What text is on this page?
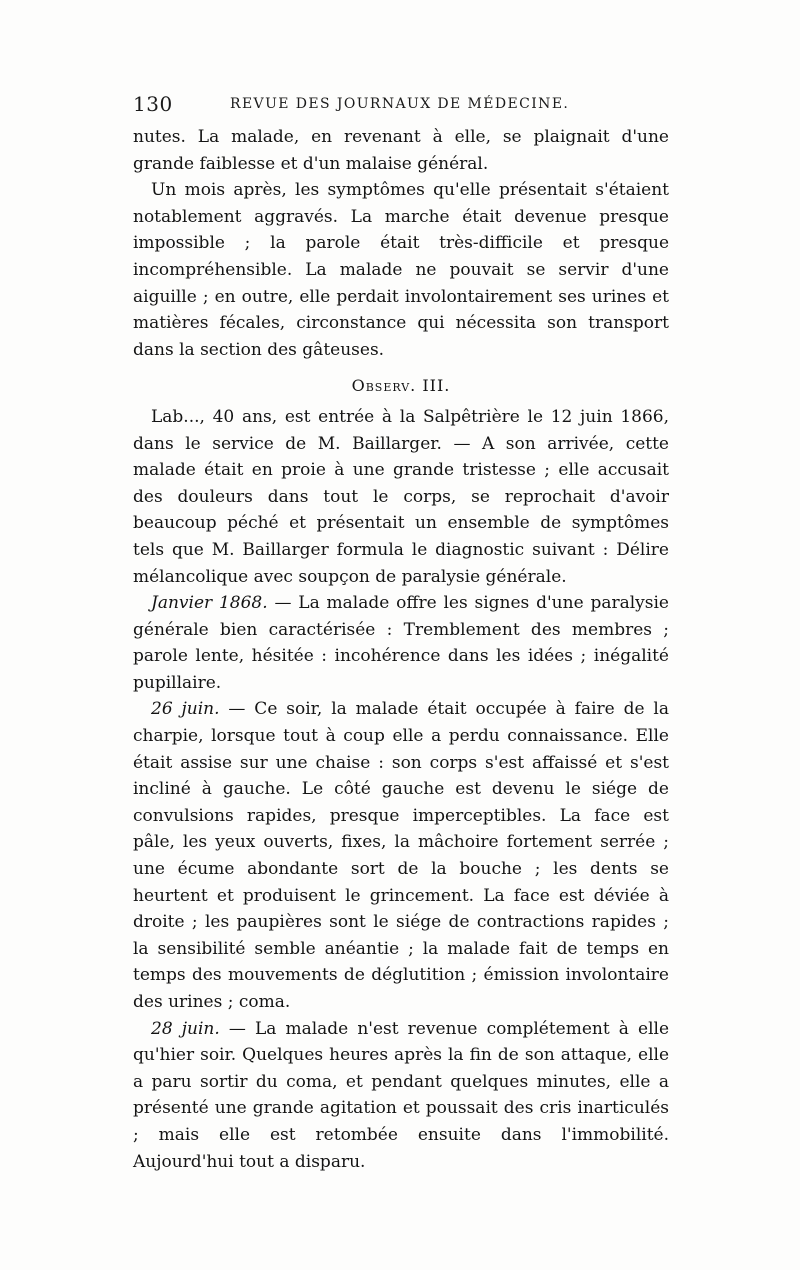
130	REVUE DES JOURNAUX DE MÉDECINE.

nutes. La malade, en revenant à elle, se plaignait d'une grande faiblesse et d'un malaise général.

Un mois après, les symptômes qu'elle présentait s'étaient notablement aggravés. La marche était devenue presque impossible ; la parole était très-difficile et presque incompréhensible. La malade ne pouvait se servir d'une aiguille ; en outre, elle perdait involontairement ses urines et matières fécales, circonstance qui nécessita son transport dans la section des gâteuses.

Observ. III.

Lab..., 40 ans, est entrée à la Salpêtrière le 12 juin 1866, dans le service de M. Baillarger. — A son arrivée, cette malade était en proie à une grande tristesse ; elle accusait des douleurs dans tout le corps, se reprochait d'avoir beaucoup péché et présentait un ensemble de symptômes tels que M. Baillarger formula le diagnostic suivant : Délire mélancolique avec soupçon de paralysie générale.

Janvier 1868. — La malade offre les signes d'une paralysie générale bien caractérisée : Tremblement des membres ; parole lente, hésitée : incohérence dans les idées ; inégalité pupillaire.

26 juin. — Ce soir, la malade était occupée à faire de la charpie, lorsque tout à coup elle a perdu connaissance. Elle était assise sur une chaise : son corps s'est affaissé et s'est incliné à gauche. Le côté gauche est devenu le siége de convulsions rapides, presque imperceptibles. La face est pâle, les yeux ouverts, fixes, la mâchoire fortement serrée ; une écume abondante sort de la bouche ; les dents se heurtent et produisent le grincement. La face est déviée à droite ; les paupières sont le siége de contractions rapides ; la sensibilité semble anéantie ; la malade fait de temps en temps des mouvements de déglutition ; émission involontaire des urines ; coma.

28 juin. — La malade n'est revenue complétement à elle qu'hier soir. Quelques heures après la fin de son attaque, elle a paru sortir du coma, et pendant quelques minutes, elle a présenté une grande agitation et poussait des cris inarticulés ; mais elle est retombée ensuite dans l'immobilité. Aujourd'hui tout a disparu.
